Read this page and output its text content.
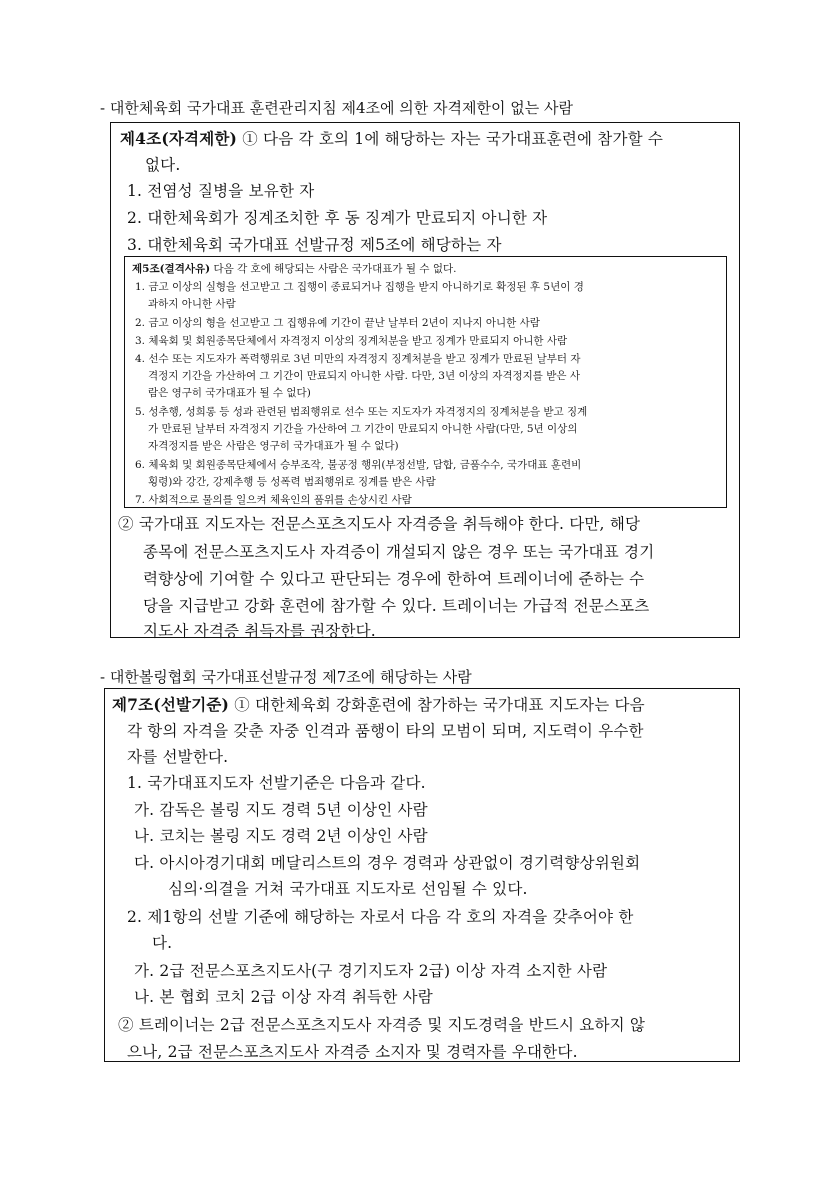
- 대한체육회 국가대표 훈련관리지침 제4조에 의한 자격제한이 없는 사람
제4조(자격제한) ① 다음 각 호의 1에 해당하는 자는 국가대표훈련에 참가할 수
없다.
1. 전염성 질병을 보유한 자
2. 대한체육회가 징계조치한 후 동 징계가 만료되지 아니한 자
3. 대한체육회 국가대표 선발규정 제5조에 해당하는 자
제5조(결격사유) 다음 각 호에 해당되는 사람은 국가대표가 될 수 없다.
1. 금고 이상의 실형을 선고받고 그 집행이 종료되거나 집행을 받지 아니하기로 확정된 후 5년이 경
과하지 아니한 사람
2. 금고 이상의 형을 선고받고 그 집행유예 기간이 끝난 날부터 2년이 지나지 아니한 사람
3. 체육회 및 회원종목단체에서 자격정지 이상의 징계처분을 받고 징계가 만료되지 아니한 사람
4. 선수 또는 지도자가 폭력행위로 3년 미만의 자격정지 징계처분을 받고 징계가 만료된 날부터 자
격정지 기간을 가산하여 그 기간이 만료되지 아니한 사람. 다만, 3년 이상의 자격정지를 받은 사
람은 영구히 국가대표가 될 수 없다)
5. 성추행, 성희롱 등 성과 관련된 범죄행위로 선수 또는 지도자가 자격정지의 징계처분을 받고 징계
가 만료된 날부터 자격정지 기간을 가산하여 그 기간이 만료되지 아니한 사람(다만, 5년 이상의
자격정지를 받은 사람은 영구히 국가대표가 될 수 없다)
6. 체육회 및 회원종목단체에서 승부조작, 불공정 행위(부정선발, 담합, 금품수수, 국가대표 훈련비
횡령)와 강간, 강제추행 등 성폭력 범죄행위로 징계를 받은 사람
7. 사회적으로 물의를 일으켜 체육인의 품위를 손상시킨 사람
② 국가대표 지도자는 전문스포츠지도사 자격증을 취득해야 한다. 다만, 해당
종목에 전문스포츠지도사 자격증이 개설되지 않은 경우 또는 국가대표 경기
력향상에 기여할 수 있다고 판단되는 경우에 한하여 트레이너에 준하는 수
당을 지급받고 강화 훈련에 참가할 수 있다. 트레이너는 가급적 전문스포츠
지도사 자격증 취득자를 권장한다.
- 대한볼링협회 국가대표선발규정 제7조에 해당하는 사람
제7조(선발기준) ① 대한체육회 강화훈련에 참가하는 국가대표 지도자는 다음
각 항의 자격을 갖춘 자중 인격과 품행이 타의 모범이 되며, 지도력이 우수한
자를 선발한다.
1. 국가대표지도자 선발기준은 다음과 같다.
가. 감독은 볼링 지도 경력 5년 이상인 사람
나. 코치는 볼링 지도 경력 2년 이상인 사람
다. 아시아경기대회 메달리스트의 경우 경력과 상관없이 경기력향상위원회
심의·의결을 거쳐 국가대표 지도자로 선임될 수 있다.
2. 제1항의 선발 기준에 해당하는 자로서 다음 각 호의 자격을 갖추어야 한
다.
가. 2급 전문스포츠지도사(구 경기지도자 2급) 이상 자격 소지한 사람
나. 본 협회 코치 2급 이상 자격 취득한 사람
② 트레이너는 2급 전문스포츠지도사 자격증 및 지도경력을 반드시 요하지 않
으나, 2급 전문스포츠지도사 자격증 소지자 및 경력자를 우대한다.
